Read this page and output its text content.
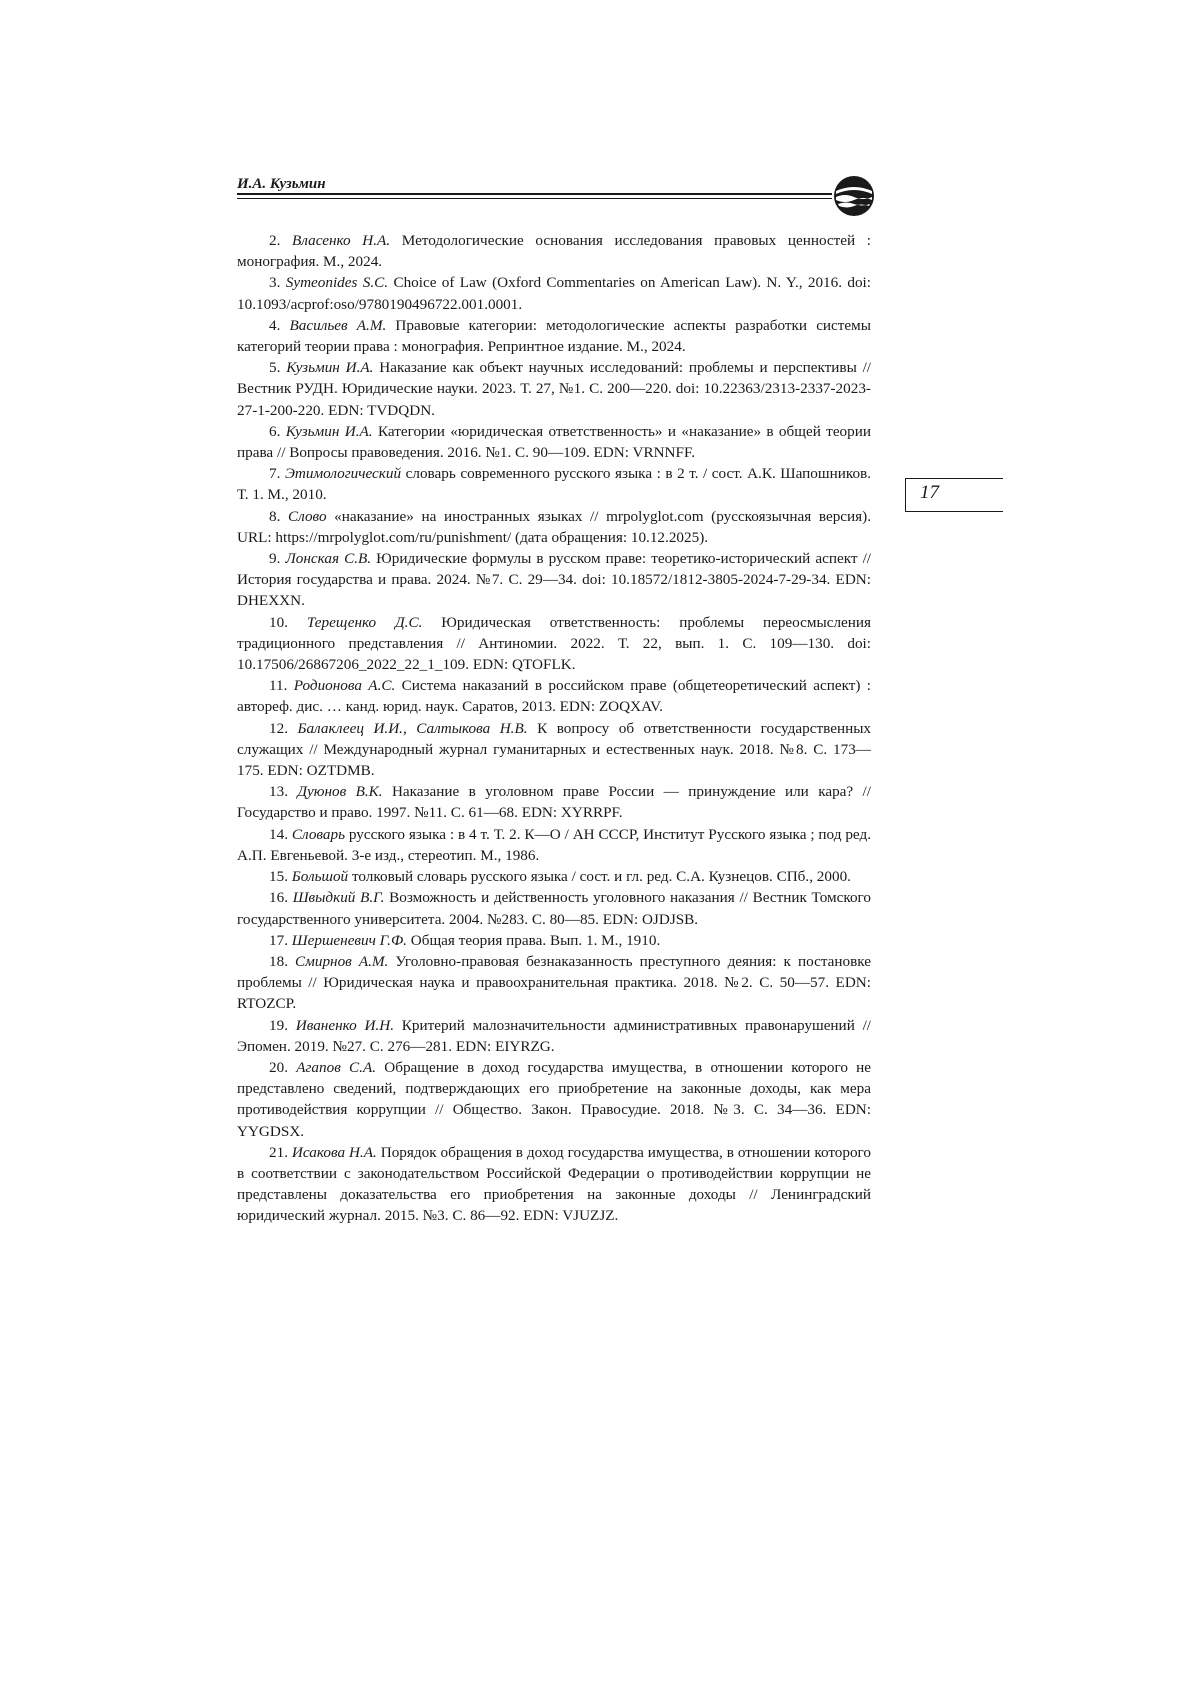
И.А. Кузьмин
17
2. Власенко Н.А. Методологические основания исследования правовых ценностей : монография. М., 2024.
3. Symeonides S.C. Choice of Law (Oxford Commentaries on American Law). N. Y., 2016. doi: 10.1093/acprof:oso/9780190496722.001.0001.
4. Васильев А.М. Правовые категории: методологические аспекты разработки системы категорий теории права : монография. Репринтное издание. М., 2024.
5. Кузьмин И.А. Наказание как объект научных исследований: проблемы и перспективы // Вестник РУДН. Юридические науки. 2023. Т. 27, №1. С. 200—220. doi: 10.22363/2313-2337-2023-27-1-200-220. EDN: TVDQDN.
6. Кузьмин И.А. Категории «юридическая ответственность» и «наказание» в общей теории права // Вопросы правоведения. 2016. №1. С. 90—109. EDN: VRNNFF.
7. Этимологический словарь современного русского языка : в 2 т. / сост. А.К. Шапошников. Т. 1. М., 2010.
8. Слово «наказание» на иностранных языках // mrpolyglot.com (русскоязычная версия). URL: https://mrpolyglot.com/ru/punishment/ (дата обращения: 10.12.2025).
9. Лонская С.В. Юридические формулы в русском праве: теоретико-исторический аспект // История государства и права. 2024. №7. С. 29—34. doi: 10.18572/1812-3805-2024-7-29-34. EDN: DHEXXN.
10. Терещенко Д.С. Юридическая ответственность: проблемы переосмысления традиционного представления // Антиномии. 2022. Т. 22, вып. 1. С. 109—130. doi: 10.17506/26867206_2022_22_1_109. EDN: QTOFLK.
11. Родионова А.С. Система наказаний в российском праве (общетеоретический аспект) : автореф. дис. … канд. юрид. наук. Саратов, 2013. EDN: ZOQXAV.
12. Балаклеец И.И., Салтыкова Н.В. К вопросу об ответственности государственных служащих // Международный журнал гуманитарных и естественных наук. 2018. №8. С. 173—175. EDN: OZTDMB.
13. Дуюнов В.К. Наказание в уголовном праве России — принуждение или кара? // Государство и право. 1997. №11. С. 61—68. EDN: XYRRPF.
14. Словарь русского языка : в 4 т. Т. 2. К—О / АН СССР, Институт Русского языка ; под ред. А.П. Евгеньевой. 3-е изд., стереотип. М., 1986.
15. Большой толковый словарь русского языка / сост. и гл. ред. С.А. Кузнецов. СПб., 2000.
16. Швыдкий В.Г. Возможность и действенность уголовного наказания // Вестник Томского государственного университета. 2004. №283. С. 80—85. EDN: OJDJSB.
17. Шершеневич Г.Ф. Общая теория права. Вып. 1. М., 1910.
18. Смирнов А.М. Уголовно-правовая безнаказанность преступного деяния: к постановке проблемы // Юридическая наука и правоохранительная практика. 2018. №2. С. 50—57. EDN: RTOZCP.
19. Иваненко И.Н. Критерий малозначительности административных правонарушений // Эпомен. 2019. №27. С. 276—281. EDN: EIYRZG.
20. Агапов С.А. Обращение в доход государства имущества, в отношении которого не представлено сведений, подтверждающих его приобретение на законные доходы, как мера противодействия коррупции // Общество. Закон. Правосудие. 2018. №3. С. 34—36. EDN: YYGDSX.
21. Исакова Н.А. Порядок обращения в доход государства имущества, в отношении которого в соответствии с законодательством Российской Федерации о противодействии коррупции не представлены доказательства его приобретения на законные доходы // Ленинградский юридический журнал. 2015. №3. С. 86—92. EDN: VJUZJZ.
